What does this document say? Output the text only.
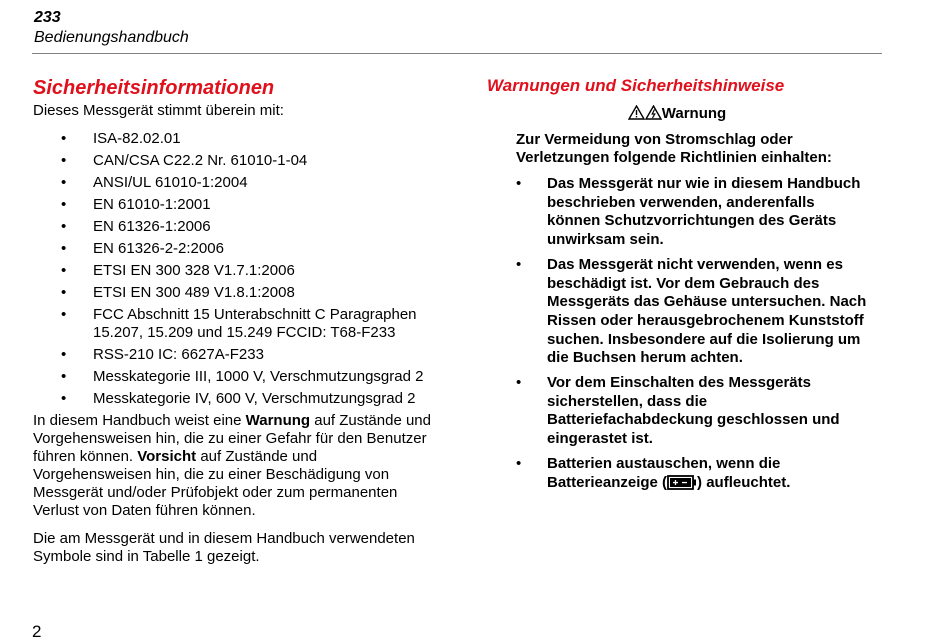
233
Bedienungshandbuch
Sicherheitsinformationen

Dieses Messgerät stimmt überein mit:

• ISA-82.02.01
• CAN/CSA C22.2 Nr. 61010-1-04
• ANSI/UL 61010-1:2004
• EN 61010-1:2001
• EN 61326-1:2006
• EN 61326-2-2:2006
• ETSI EN 300 328 V1.7.1:2006
• ETSI EN 300 489 V1.8.1:2008
• FCC Abschnitt 15 Unterabschnitt C Paragraphen 15.207, 15.209 und 15.249 FCCID: T68-F233
• RSS-210 IC: 6627A-F233
• Messkategorie III, 1000 V, Verschmutzungsgrad 2
• Messkategorie IV, 600 V, Verschmutzungsgrad 2

In diesem Handbuch weist eine Warnung auf Zustände und Vorgehensweisen hin, die zu einer Gefahr für den Benutzer führen können. Vorsicht auf Zustände und Vorgehensweisen hin, die zu einer Beschädigung von Messgerät und/oder Prüfobjekt oder zum permanenten Verlust von Daten führen können.

Die am Messgerät und in diesem Handbuch verwendeten Symbole sind in Tabelle 1 gezeigt.

Warnungen und Sicherheitshinweise
Warnung
Zur Vermeidung von Stromschlag oder Verletzungen folgende Richtlinien einhalten:
• Das Messgerät nur wie in diesem Handbuch beschrieben verwenden, anderenfalls können Schutzvorrichtungen des Geräts unwirksam sein.
• Das Messgerät nicht verwenden, wenn es beschädigt ist. Vor dem Gebrauch des Messgeräts das Gehäuse untersuchen. Nach Rissen oder herausgebrochenem Kunststoff suchen. Insbesondere auf die Isolierung um die Buchsen herum achten.
• Vor dem Einschalten des Messgeräts sicherstellen, dass die Batteriefachabdeckung geschlossen und eingerastet ist.
• Batterien austauschen, wenn die Batterieanzeige ( ) aufleuchtet.
2
